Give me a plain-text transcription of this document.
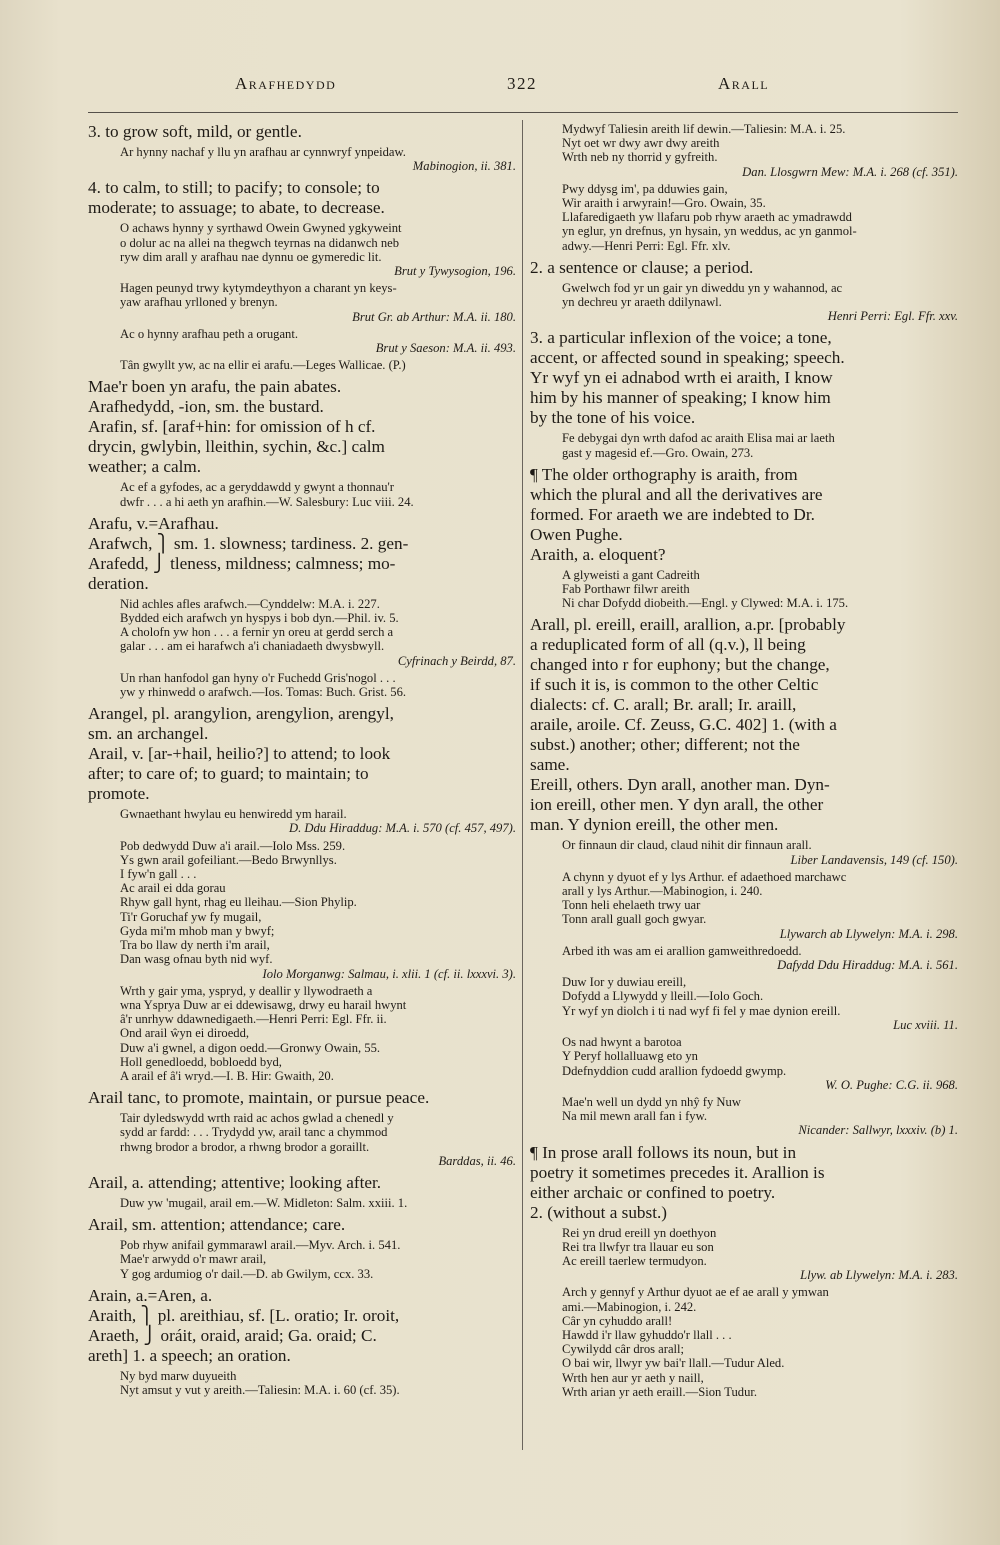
Arafhedydd	322	Arall
3. to grow soft, mild, or gentle.
Ar hynny nachaf y llu yn arafhau ar cynnwryf ynpeidaw.
Mabinogion, ii. 381.
4. to calm, to still; to pacify; to console; to
moderate; to assuage; to abate, to decrease.
O achaws hynny y syrthawd Owein Gwyned ygkyweint
o dolur ac na allei na thegwch teyrnas na didanwch neb
ryw dim arall y arafhau nae dynnu oe gymeredic lit.
Brut y Tywysogion, 196.
Hagen peunyd trwy kytymdeythyon a charant yn keys-
yaw arafhau yrlloned y brenyn.
Brut Gr. ab Arthur: M.A. ii. 180.
Ac o hynny arafhau peth a orugant.
Brut y Saeson: M.A. ii. 493.
Tân gwyllt yw, ac na ellir ei arafu.—Leges Wallicae. (P.)
Mae'r boen yn arafu, the pain abates.
Arafhedydd, -ion, sm. the bustard.
Arafin, sf. [araf+hin: for omission of h cf.
drycin, gwlybin, lleithin, sychin, &c.] calm
weather; a calm.
Ac ef a gyfodes, ac a geryddawdd y gwynt a thonnau'r
dwfr . . . a hi aeth yn arafhin.—W. Salesbury: Luc viii. 24.
Arafu, v.=Arafhau.
Arafwch, ⎫ sm. 1. slowness; tardiness. 2. gen-
Arafedd, ⎭ tleness, mildness; calmness; mo-
deration.
Nid achles afles arafwch.—Cynddelw: M.A. i. 227.
Bydded eich arafwch yn hyspys i bob dyn.—Phil. iv. 5.
A cholofn yw hon . . . a fernir yn oreu at gerdd serch a
galar . . . am ei harafwch a'i chaniadaeth dwysbwyll.
Cyfrinach y Beirdd, 87.
Un rhan hanfodol gan hyny o'r Fuchedd Gris'nogol . . .
yw y rhinwedd o arafwch.—Ios. Tomas: Buch. Grist. 56.
Arangel, pl. arangylion, arengylion, arengyl,
sm. an archangel.
Arail, v. [ar-+hail, heilio?] to attend; to look
after; to care of; to guard; to maintain; to
promote.
Gwnaethant hwylau eu henwiredd ym harail.
D. Ddu Hiraddug: M.A. i. 570 (cf. 457, 497).
Pob dedwydd Duw a'i arail.—Iolo Mss. 259.
Ys gwn arail gofeiliant.—Bedo Brwynllys.
I fyw'n gall . . .
Ac arail ei dda gorau
Rhyw gall hynt, rhag eu lleihau.—Sion Phylip.
Ti'r Goruchaf yw fy mugail,
Gyda mi'm mhob man y bwyf;
Tra bo llaw dy nerth i'm arail,
Dan wasg ofnau byth nid wyf.
Iolo Morganwg: Salmau, i. xlii. 1 (cf. ii. lxxxvi. 3).
Wrth y gair yma, yspryd, y deallir y llywodraeth a
wna Ysprya Duw ar ei ddewisawg, drwy eu harail hwynt
â'r unrhyw ddawnedigaeth.—Henri Perri: Egl. Ffr. ii.
Ond arail ŵyn ei diroedd,
Duw a'i gwnel, a digon oedd.—Gronwy Owain, 55.
Holl genedloedd, bobloedd byd,
A arail ef â'i wryd.—I. B. Hir: Gwaith, 20.
Arail tanc, to promote, maintain, or pursue peace.
Tair dyledswydd wrth raid ac achos gwlad a chenedl y
sydd ar fardd: . . . Trydydd yw, arail tanc a chymmod
rhwng brodor a brodor, a rhwng brodor a goraillt.
Barddas, ii. 46.
Arail, a. attending; attentive; looking after.
Duw yw 'mugail, arail em.—W. Midleton: Salm. xxiii. 1.
Arail, sm. attention; attendance; care.
Pob rhyw anifail gymmarawl arail.—Myv. Arch. i. 541.
Mae'r arwydd o'r mawr arail,
Y gog ardumiog o'r dail.—D. ab Gwilym, ccx. 33.
Arain, a.=Aren, a.
Araith, ⎫ pl. areithiau, sf. [L. oratio; Ir. oroit,
Araeth, ⎭ oráit, oraid, araid; Ga. oraid; C.
areth] 1. a speech; an oration.
Ny byd marw duyueith
Nyt amsut y vut y areith.—Taliesin: M.A. i. 60 (cf. 35).
Mydwyf Taliesin areith lif dewin.—Taliesin: M.A. i. 25.
Nyt oet wr dwy awr dwy areith
Wrth neb ny thorrid y gyfreith.
Dan. Llosgwrn Mew: M.A. i. 268 (cf. 351).
Pwy ddysg im', pa dduwies gain,
Wir araith i arwyrain!—Gro. Owain, 35.
Llafaredigaeth yw llafaru pob rhyw araeth ac ymadrawdd
yn eglur, yn drefnus, yn hysain, yn weddus, ac yn ganmol-
adwy.—Henri Perri: Egl. Ffr. xlv.
2. a sentence or clause; a period.
Gwelwch fod yr un gair yn diweddu yn y wahannod, ac
yn dechreu yr araeth ddilynawl.
Henri Perri: Egl. Ffr. xxv.
3. a particular inflexion of the voice; a tone,
accent, or affected sound in speaking; speech.
Yr wyf yn ei adnabod wrth ei araith, I know
him by his manner of speaking; I know him
by the tone of his voice.
Fe debygai dyn wrth dafod ac araith Elisa mai ar laeth
gast y magesid ef.—Gro. Owain, 273.
¶ The older orthography is araith, from
which the plural and all the derivatives are
formed. For araeth we are indebted to Dr.
Owen Pughe.
Araith, a. eloquent?
A glyweisti a gant Cadreith
Fab Porthawr filwr areith
Ni char Dofydd diobeith.—Engl. y Clywed: M.A. i. 175.
Arall, pl. ereill, eraill, arallion, a.pr. [probably
a reduplicated form of all (q.v.), ll being
changed into r for euphony; but the change,
if such it is, is common to the other Celtic
dialects: cf. C. arall; Br. arall; Ir. araill,
araile, aroile. Cf. Zeuss, G.C. 402] 1. (with a
subst.) another; other; different; not the
same.
Ereill, others. Dyn arall, another man. Dyn-
ion ereill, other men. Y dyn arall, the other
man. Y dynion ereill, the other men.
Or finnaun dir claud, claud nihit dir finnaun arall.
Liber Landavensis, 149 (cf. 150).
A chynn y dyuot ef y lys Arthur. ef adaethoed marchawc
arall y lys Arthur.—Mabinogion, i. 240.
Tonn heli ehelaeth trwy uar
Tonn arall guall goch gwyar.
Llywarch ab Llywelyn: M.A. i. 298.
Arbed ith was am ei arallion gamweithredoedd.
Dafydd Ddu Hiraddug: M.A. i. 561.
Duw Ior y duwiau ereill,
Dofydd a Llywydd y lleill.—Iolo Goch.
Yr wyf yn diolch i ti nad wyf fi fel y mae dynion ereill.
Luc xviii. 11.
Os nad hwynt a barotoa
Y Peryf hollalluawg eto yn
Ddefnyddion cudd arallion fydoedd gwymp.
W. O. Pughe: C.G. ii. 968.
Mae'n well un dydd yn nhŷ fy Nuw
Na mil mewn arall fan i fyw.
Nicander: Sallwyr, lxxxiv. (b) 1.
¶ In prose arall follows its noun, but in
poetry it sometimes precedes it. Arallion is
either archaic or confined to poetry.
2. (without a subst.)
Rei yn drud ereill yn doethyon
Rei tra llwfyr tra llauar eu son
Ac ereill taerlew termudyon.
Llyw. ab Llywelyn: M.A. i. 283.
Arch y gennyf y Arthur dyuot ae ef ae arall y ymwan
ami.—Mabinogion, i. 242.
Câr yn cyhuddo arall!
Hawdd i'r llaw gyhuddo'r llall . . .
Cywilydd câr dros arall;
O bai wir, llwyr yw bai'r llall.—Tudur Aled.
Wrth hen aur yr aeth y naill,
Wrth arian yr aeth eraill.—Sion Tudur.
